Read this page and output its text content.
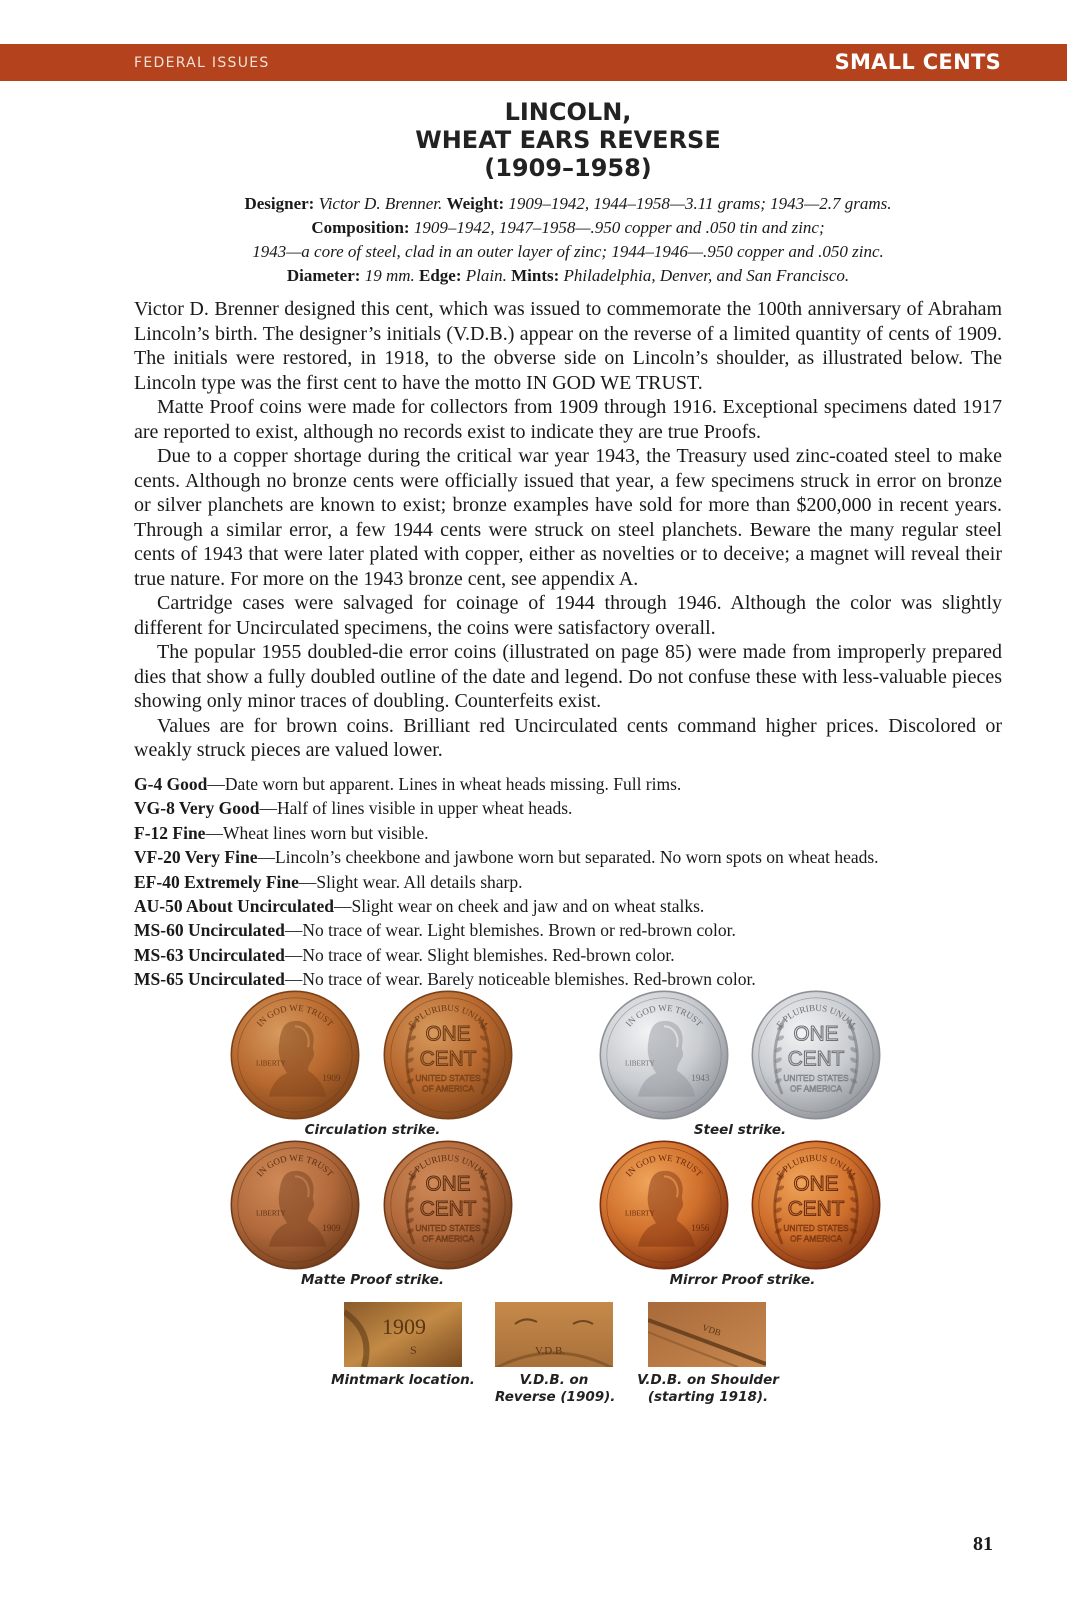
FEDERAL ISSUES	SMALL CENTS
LINCOLN,
WHEAT EARS REVERSE
(1909–1958)
Designer: Victor D. Brenner. Weight: 1909–1942, 1944–1958—3.11 grams; 1943—2.7 grams.
Composition: 1909–1942, 1947–1958—.950 copper and .050 tin and zinc;
1943—a core of steel, clad in an outer layer of zinc; 1944–1946—.950 copper and .050 zinc.
Diameter: 19 mm. Edge: Plain. Mints: Philadelphia, Denver, and San Francisco.

Victor D. Brenner designed this cent, which was issued to commemorate the 100th anniversary of Abraham Lincoln’s birth. The designer’s initials (V.D.B.) appear on the reverse of a limited quantity of cents of 1909. The initials were restored, in 1918, to the obverse side on Lincoln’s shoulder, as illustrated below. The Lincoln type was the first cent to have the motto IN GOD WE TRUST.

Matte Proof coins were made for collectors from 1909 through 1916. Exceptional specimens dated 1917 are reported to exist, although no records exist to indicate they are true Proofs.

Due to a copper shortage during the critical war year 1943, the Treasury used zinc-coated steel to make cents. Although no bronze cents were officially issued that year, a few specimens struck in error on bronze or silver planchets are known to exist; bronze examples have sold for more than $200,000 in recent years. Through a similar error, a few 1944 cents were struck on steel planchets. Beware the many regular steel cents of 1943 that were later plated with copper, either as novelties or to deceive; a magnet will reveal their true nature. For more on the 1943 bronze cent, see appendix A.

Cartridge cases were salvaged for coinage of 1944 through 1946. Although the color was slightly different for Uncirculated specimens, the coins were satisfactory overall.

The popular 1955 doubled-die error coins (illustrated on page 85) were made from improperly prepared dies that show a fully doubled outline of the date and legend. Do not confuse these with less-valuable pieces showing only minor traces of doubling. Counterfeits exist.

Values are for brown coins. Brilliant red Uncirculated cents command higher prices. Discolored or weakly struck pieces are valued lower.

G-4 Good—Date worn but apparent. Lines in wheat heads missing. Full rims.
VG-8 Very Good—Half of lines visible in upper wheat heads.
F-12 Fine—Wheat lines worn but visible.
VF-20 Very Fine—Lincoln’s cheekbone and jawbone worn but separated. No worn spots on wheat heads.
EF-40 Extremely Fine—Slight wear. All details sharp.
AU-50 About Uncirculated—Slight wear on cheek and jaw and on wheat stalks.
MS-60 Uncirculated—No trace of wear. Light blemishes. Brown or red-brown color.
MS-63 Uncirculated—No trace of wear. Slight blemishes. Red-brown color.
MS-65 Uncirculated—No trace of wear. Barely noticeable blemishes. Red-brown color.
IN GOD WE TRUST
LIBERTY
1909
E PLURIBUS UNUM
ONE
CENT
UNITED STATES
OF AMERICA
Circulation strike.
IN GOD WE TRUST
LIBERTY
1943
E PLURIBUS UNUM
ONE
CENT
UNITED STATES
OF AMERICA
Steel strike.
IN GOD WE TRUST
LIBERTY
1909
E PLURIBUS UNUM
ONE
CENT
UNITED STATES
OF AMERICA
Matte Proof strike.
IN GOD WE TRUST
LIBERTY
1956
E PLURIBUS UNUM
ONE
CENT
UNITED STATES
OF AMERICA
Mirror Proof strike.
1909
S
Mintmark location.
V.D.B.
V.D.B. on
Reverse (1909).
VDB
V.D.B. on Shoulder
(starting 1918).
81
